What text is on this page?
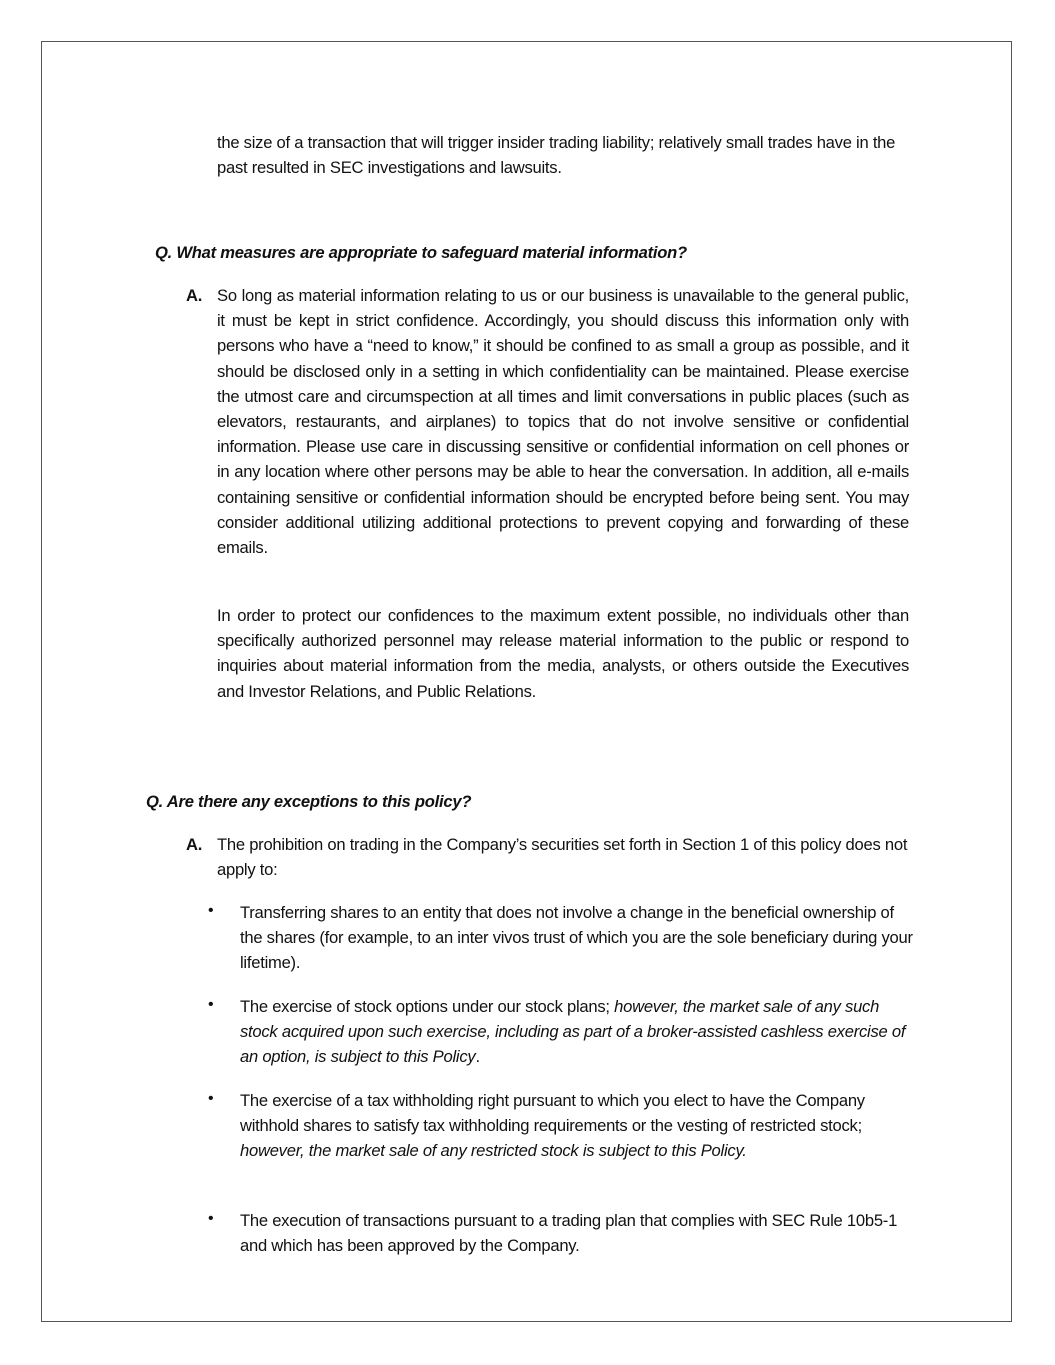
the size of a transaction that will trigger insider trading liability; relatively small trades have in the past resulted in SEC investigations and lawsuits.
Q. What measures are appropriate to safeguard material information?
A. So long as material information relating to us or our business is unavailable to the general public, it must be kept in strict confidence. Accordingly, you should discuss this information only with persons who have a “need to know,” it should be confined to as small a group as possible, and it should be disclosed only in a setting in which confidentiality can be maintained. Please exercise the utmost care and circumspection at all times and limit conversations in public places (such as elevators, restaurants, and airplanes) to topics that do not involve sensitive or confidential information. Please use care in discussing sensitive or confidential information on cell phones or in any location where other persons may be able to hear the conversation. In addition, all e-mails containing sensitive or confidential information should be encrypted before being sent. You may consider additional utilizing additional protections to prevent copying and forwarding of these emails.
In order to protect our confidences to the maximum extent possible, no individuals other than specifically authorized personnel may release material information to the public or respond to inquiries about material information from the media, analysts, or others outside the Executives and Investor Relations, and Public Relations.
Q. Are there any exceptions to this policy?
A. The prohibition on trading in the Company’s securities set forth in Section 1 of this policy does not apply to:
• Transferring shares to an entity that does not involve a change in the beneficial ownership of the shares (for example, to an inter vivos trust of which you are the sole beneficiary during your lifetime).
• The exercise of stock options under our stock plans; however, the market sale of any such stock acquired upon such exercise, including as part of a broker-assisted cashless exercise of an option, is subject to this Policy.
• The exercise of a tax withholding right pursuant to which you elect to have the Company withhold shares to satisfy tax withholding requirements or the vesting of restricted stock; however, the market sale of any restricted stock is subject to this Policy.
• The execution of transactions pursuant to a trading plan that complies with SEC Rule 10b5-1 and which has been approved by the Company.
